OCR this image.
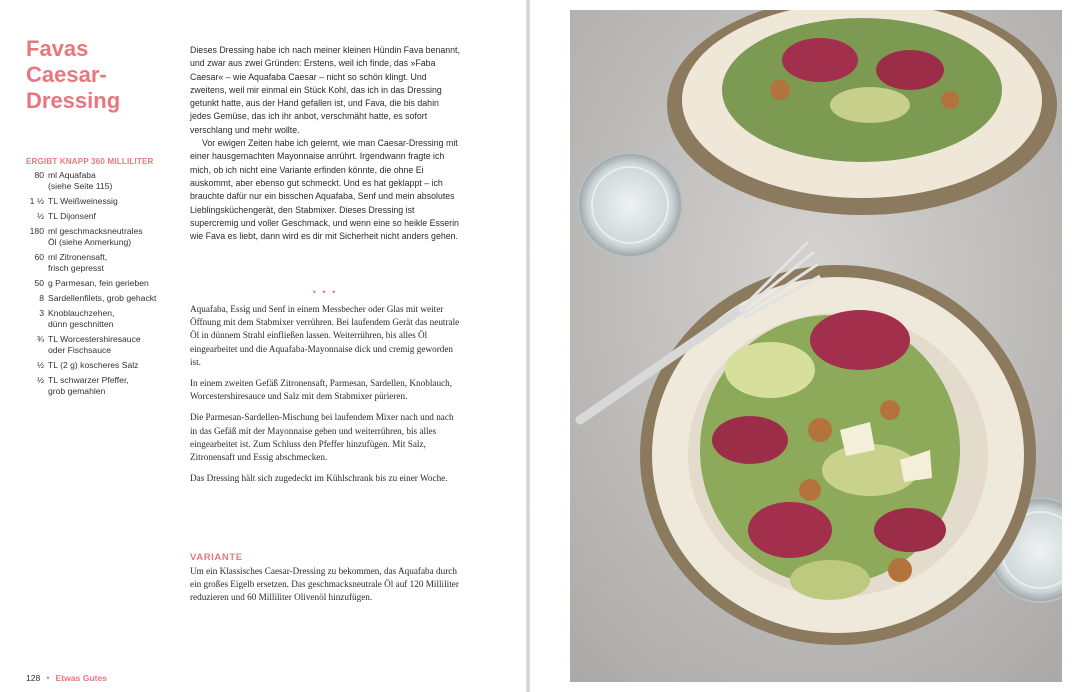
Favas
Caesar-
Dressing
ERGIBT KNAPP 360 MILLILITER
80 ml Aquafaba
(siehe Seite 115)
1 ½ TL Weißweinessig
½ TL Dijonsenf
180 ml geschmacksneutrales
Öl (siehe Anmerkung)
60 ml Zitronensaft,
frisch gepresst
50 g Parmesan, fein gerieben
8 Sardellenfilets, grob gehackt
3 Knoblauchzehen,
dünn geschnitten
¾ TL Worcestershiresauce
oder Fischsauce
½ TL (2 g) koscheres Salz
½ TL schwarzer Pfeffer,
grob gemahlen

Dieses Dressing habe ich nach meiner kleinen Hündin Fava benannt, und zwar aus zwei Gründen: Erstens, weil ich finde, das »Faba Caesar« – wie Aquafaba Caesar – nicht so schön klingt. Und zweitens, weil mir einmal ein Stück Kohl, das ich in das Dressing getunkt hatte, aus der Hand gefallen ist, und Fava, die bis dahin jedes Gemüse, das ich ihr anbot, verschmäht hatte, es sofort verschlang und mehr wollte.

Vor ewigen Zeiten habe ich gelernt, wie man Caesar-Dressing mit einer hausgemachten Mayonnaise anrührt. Irgendwann fragte ich mich, ob ich nicht eine Variante erfinden könnte, die ohne Ei auskommt, aber ebenso gut schmeckt. Und es hat geklappt – ich brauchte dafür nur ein bisschen Aquafaba, Senf und mein absolutes Lieblingsküchengerät, den Stabmixer. Dieses Dressing ist supercremig und voller Geschmack, und wenn eine so heikle Esserin wie Fava es liebt, dann wird es dir mit Sicherheit nicht anders gehen.

• • •

Aquafaba, Essig und Senf in einem Messbecher oder Glas mit weiter Öffnung mit dem Stabmixer verrühren. Bei laufendem Gerät das neutrale Öl in dünnem Strahl einfließen lassen. Weiterrühren, bis alles Öl eingearbeitet und die Aquafaba-Mayonnaise dick und cremig geworden ist.

In einem zweiten Gefäß Zitronensaft, Parmesan, Sardellen, Knoblauch, Worcestershiresauce und Salz mit dem Stabmixer pürieren.

Die Parmesan-Sardellen-Mischung bei laufendem Mixer nach und nach in das Gefäß mit der Mayonnaise geben und weiterrühren, bis alles eingearbeitet ist. Zum Schluss den Pfeffer hinzufügen. Mit Salz, Zitronensaft und Essig abschmecken.

Das Dressing hält sich zugedeckt im Kühlschrank bis zu einer Woche.

VARIANTE

Um ein Klassisches Caesar-Dressing zu bekommen, das Aquafaba durch ein großes Eigelb ersetzen. Das geschmacksneutrale Öl auf 120 Milliliter reduzieren und 60 Milliliter Olivenöl hinzufügen.

128 • Etwas Gutes
